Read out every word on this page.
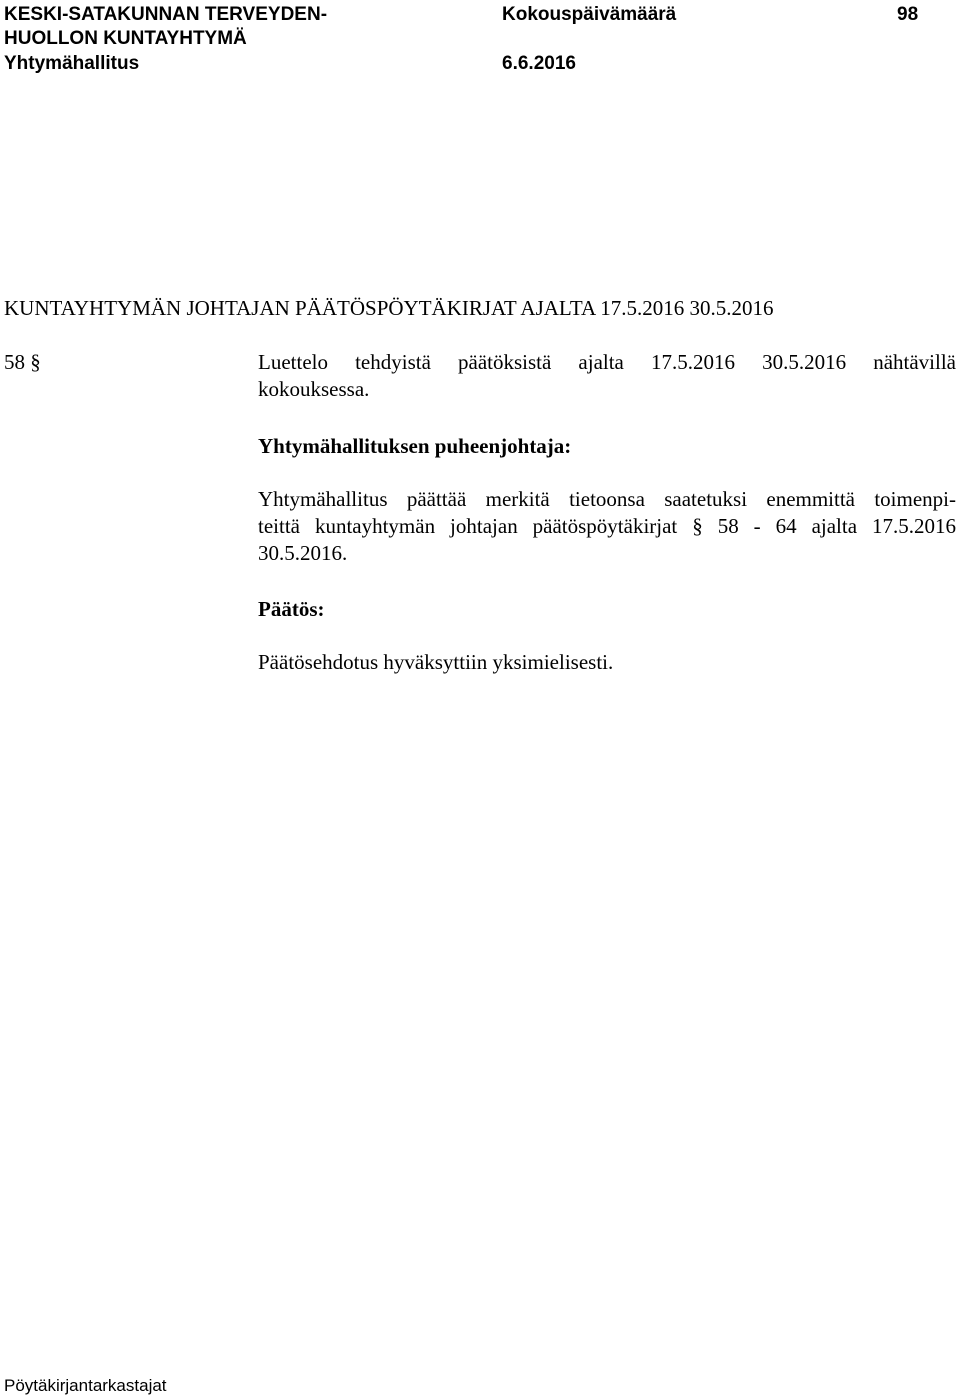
KESKI-SATAKUNNAN TERVEYDEN-
HUOLLON KUNTAYHTYMÄ
Yhtymähallitus
Kokouspäivämäärä
6.6.2016
98
KUNTAYHTYMÄN JOHTAJAN PÄÄTÖSPÖYTÄKIRJAT AJALTA 17.5.2016 30.5.2016
58 §	Luettelo tehdyistä päätöksistä ajalta 17.5.2016 30.5.2016 nähtävillä
kokouksessa.
Yhtymähallituksen puheenjohtaja:
Yhtymähallitus päättää merkitä tietoonsa saatetuksi enemmittä toimenpi-
teittä kuntayhtymän johtajan päätöspöytäkirjat § 58 - 64 ajalta 17.5.2016
30.5.2016.
Päätös:
Päätösehdotus hyväksyttiin yksimielisesti.
Pöytäkirjantarkastajat
